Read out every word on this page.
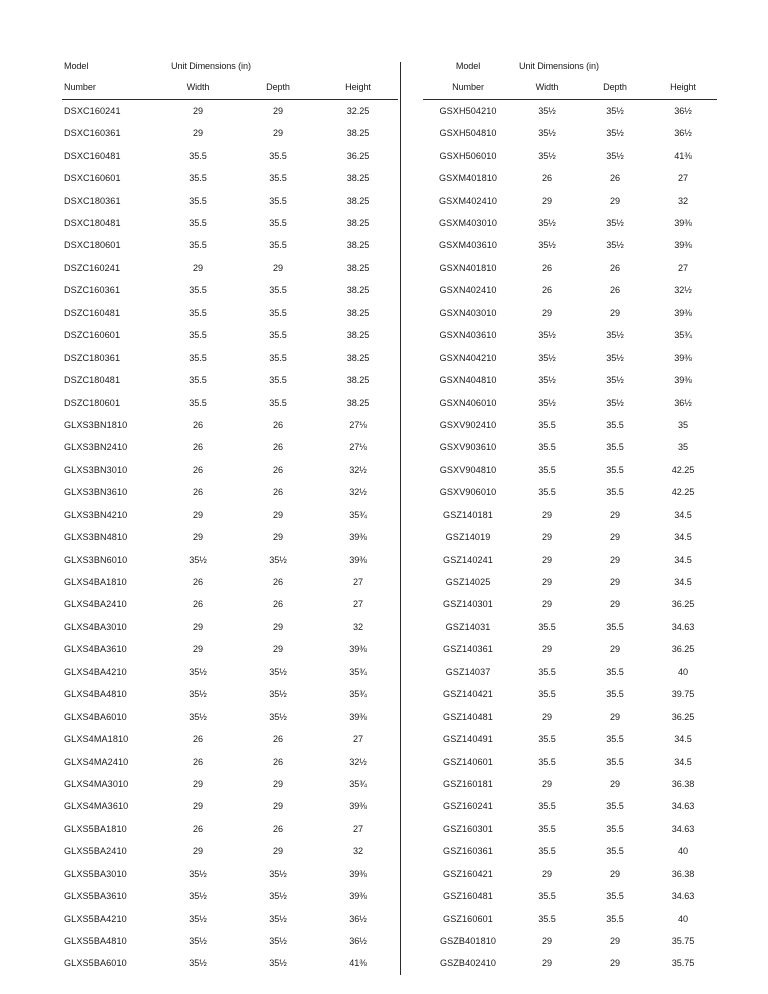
Model	Unit Dimensions (in)		
Number	Width	Depth	Height
DSXC160241	29	29	32.25
DSXC160361	29	29	38.25
DSXC160481	35.5	35.5	36.25
DSXC160601	35.5	35.5	38.25
DSXC180361	35.5	35.5	38.25
DSXC180481	35.5	35.5	38.25
DSXC180601	35.5	35.5	38.25
DSZC160241	29	29	38.25
DSZC160361	35.5	35.5	38.25
DSZC160481	35.5	35.5	38.25
DSZC160601	35.5	35.5	38.25
DSZC180361	35.5	35.5	38.25
DSZC180481	35.5	35.5	38.25
DSZC180601	35.5	35.5	38.25
GLXS3BN1810	26	26	27⅛
GLXS3BN2410	26	26	27⅛
GLXS3BN3010	26	26	32½
GLXS3BN3610	26	26	32½
GLXS3BN4210	29	29	35¾
GLXS3BN4810	29	29	39⅜
GLXS3BN6010	35½	35½	39⅜
GLXS4BA1810	26	26	27
GLXS4BA2410	26	26	27
GLXS4BA3010	29	29	32
GLXS4BA3610	29	29	39⅜
GLXS4BA4210	35½	35½	35¾
GLXS4BA4810	35½	35½	35¾
GLXS4BA6010	35½	35½	39⅜
GLXS4MA1810	26	26	27
GLXS4MA2410	26	26	32½
GLXS4MA3010	29	29	35¾
GLXS4MA3610	29	29	39⅜
GLXS5BA1810	26	26	27
GLXS5BA2410	29	29	32
GLXS5BA3010	35½	35½	39⅜
GLXS5BA3610	35½	35½	39⅜
GLXS5BA4210	35½	35½	36½
GLXS5BA4810	35½	35½	36½
GLXS5BA6010	35½	35½	41⅜
Model	Unit Dimensions (in)		
Number	Width	Depth	Height
GSXH504210	35½	35½	36½
GSXH504810	35½	35½	36½
GSXH506010	35½	35½	41⅜
GSXM401810	26	26	27
GSXM402410	29	29	32
GSXM403010	35½	35½	39⅜
GSXM403610	35½	35½	39⅜
GSXN401810	26	26	27
GSXN402410	26	26	32½
GSXN403010	29	29	39⅜
GSXN403610	35½	35½	35¾
GSXN404210	35½	35½	39⅜
GSXN404810	35½	35½	39⅜
GSXN406010	35½	35½	36½
GSXV902410	35.5	35.5	35
GSXV903610	35.5	35.5	35
GSXV904810	35.5	35.5	42.25
GSXV906010	35.5	35.5	42.25
GSZ140181	29	29	34.5
GSZ14019	29	29	34.5
GSZ140241	29	29	34.5
GSZ14025	29	29	34.5
GSZ140301	29	29	36.25
GSZ14031	35.5	35.5	34.63
GSZ140361	29	29	36.25
GSZ14037	35.5	35.5	40
GSZ140421	35.5	35.5	39.75
GSZ140481	29	29	36.25
GSZ140491	35.5	35.5	34.5
GSZ140601	35.5	35.5	34.5
GSZ160181	29	29	36.38
GSZ160241	35.5	35.5	34.63
GSZ160301	35.5	35.5	34.63
GSZ160361	35.5	35.5	40
GSZ160421	29	29	36.38
GSZ160481	35.5	35.5	34.63
GSZ160601	35.5	35.5	40
GSZB401810	29	29	35.75
GSZB402410	29	29	35.75
